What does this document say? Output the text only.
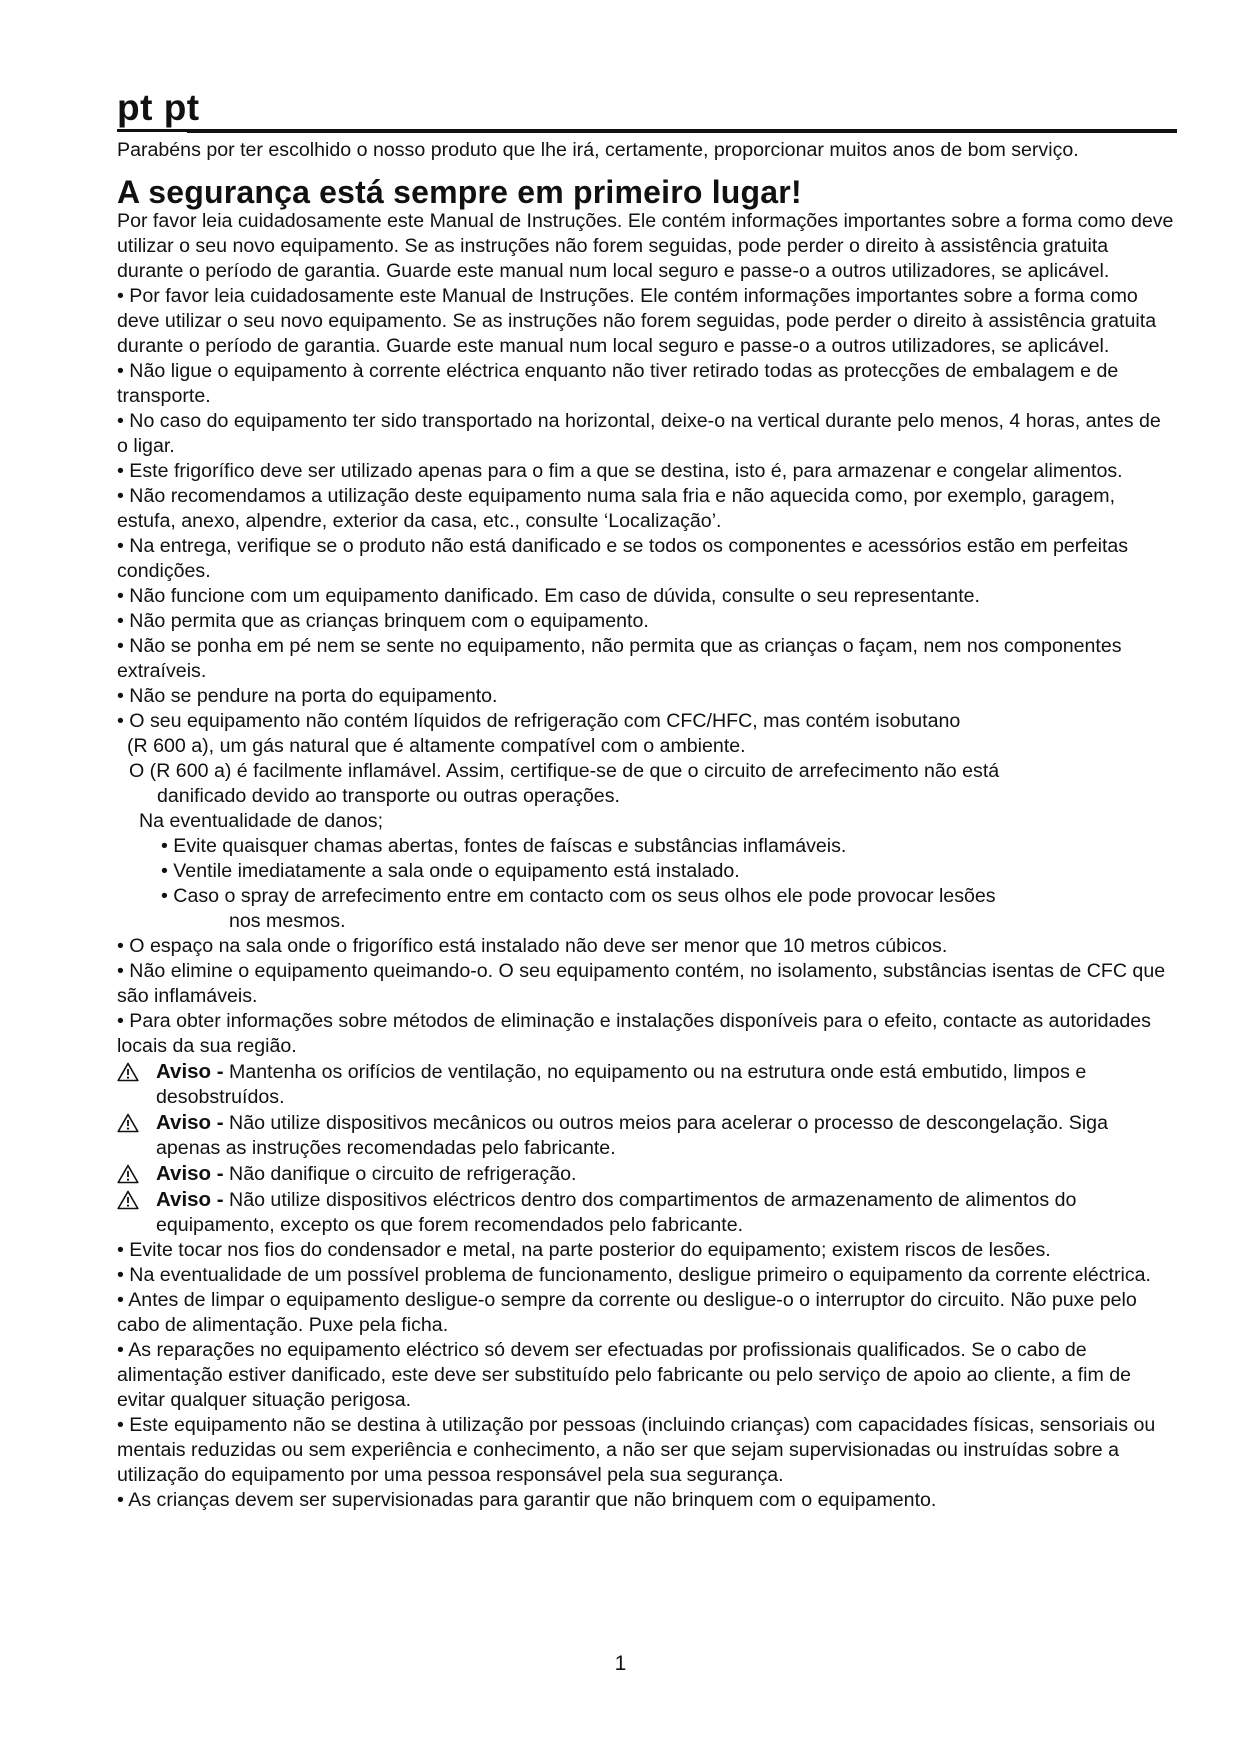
pt pt

Parabéns por ter escolhido o nosso produto que lhe irá, certamente, proporcionar muitos anos de bom serviço.

A segurança está sempre em primeiro lugar!

Por favor leia cuidadosamente este Manual de Instruções. Ele contém informações importantes sobre a forma como deve utilizar o seu novo equipamento. Se as instruções não forem seguidas, pode perder o direito à assistência gratuita durante o período de garantia. Guarde este manual num local seguro e passe-o a outros utilizadores, se aplicável.

• Por favor leia cuidadosamente este Manual de Instruções. Ele contém informações importantes sobre a forma como deve utilizar o seu novo equipamento. Se as instruções não forem seguidas, pode perder o direito à assistência gratuita durante o período de garantia. Guarde este manual num local seguro e passe-o a outros utilizadores, se aplicável.

• Não ligue o equipamento à corrente eléctrica enquanto não tiver retirado todas as protecções de embalagem e de transporte.

• No caso do equipamento ter sido transportado na horizontal, deixe-o na vertical durante pelo menos, 4 horas, antes de o ligar.

• Este frigorífico deve ser utilizado apenas para o fim a que se destina, isto é, para armazenar e congelar alimentos.

• Não recomendamos a utilização deste equipamento numa sala fria e não aquecida como, por exemplo, garagem, estufa, anexo, alpendre, exterior da casa, etc., consulte ‘Localização’.

• Na entrega, verifique se o produto não está danificado e se todos os componentes e acessórios estão em perfeitas condições.

• Não funcione com um equipamento danificado. Em caso de dúvida, consulte o seu representante.

• Não permita que as crianças brinquem com o equipamento.

• Não se ponha em pé nem se sente no equipamento, não permita que as crianças o façam, nem nos componentes extraíveis.

• Não se pendure na porta do equipamento.

• O seu equipamento não contém líquidos de refrigeração com CFC/HFC, mas contém isobutano

(R 600 a), um gás natural que é altamente compatível com o ambiente.

O (R 600 a) é facilmente inflamável. Assim, certifique-se de que o circuito de arrefecimento não está

danificado devido ao transporte ou outras operações.

Na eventualidade de danos;

• Evite quaisquer chamas abertas, fontes de faíscas e substâncias inflamáveis.

• Ventile imediatamente a sala onde o equipamento está instalado.

• Caso o spray de arrefecimento entre em contacto com os seus olhos ele pode provocar lesões

nos mesmos.

• O espaço na sala onde o frigorífico está instalado não deve ser menor que 10 metros cúbicos.

• Não elimine o equipamento queimando-o. O seu equipamento contém, no isolamento, substâncias isentas de CFC que são inflamáveis.

• Para obter informações sobre métodos de eliminação e instalações disponíveis para o efeito, contacte as autoridades locais da sua região.

Aviso - Mantenha os orifícios de ventilação, no equipamento ou na estrutura onde está embutido, limpos e desobstruídos.

Aviso - Não utilize dispositivos mecânicos ou outros meios para acelerar o processo de descongelação. Siga apenas as instruções recomendadas pelo fabricante.

Aviso - Não danifique o circuito de refrigeração.

Aviso - Não utilize dispositivos eléctricos dentro dos compartimentos de armazenamento de alimentos do equipamento, excepto os que forem recomendados pelo fabricante.

• Evite tocar nos fios do condensador e metal, na parte posterior do equipamento; existem riscos de lesões.

• Na eventualidade de um possível problema de funcionamento, desligue primeiro o equipamento da corrente eléctrica.

• Antes de limpar o equipamento desligue-o sempre da corrente ou desligue-o o interruptor do circuito. Não puxe pelo cabo de alimentação. Puxe pela ficha.

• As reparações no equipamento eléctrico só devem ser efectuadas por profissionais qualificados. Se o cabo de alimentação estiver danificado, este deve ser substituído pelo fabricante ou pelo serviço de apoio ao cliente, a fim de evitar qualquer situação perigosa.

• Este equipamento não se destina à utilização por pessoas (incluindo crianças) com capacidades físicas, sensoriais ou mentais reduzidas ou sem experiência e conhecimento, a não ser que sejam supervisionadas ou instruídas sobre a utilização do equipamento por uma pessoa responsável pela sua segurança.

• As crianças devem ser supervisionadas para garantir que não brinquem com o equipamento.

1
